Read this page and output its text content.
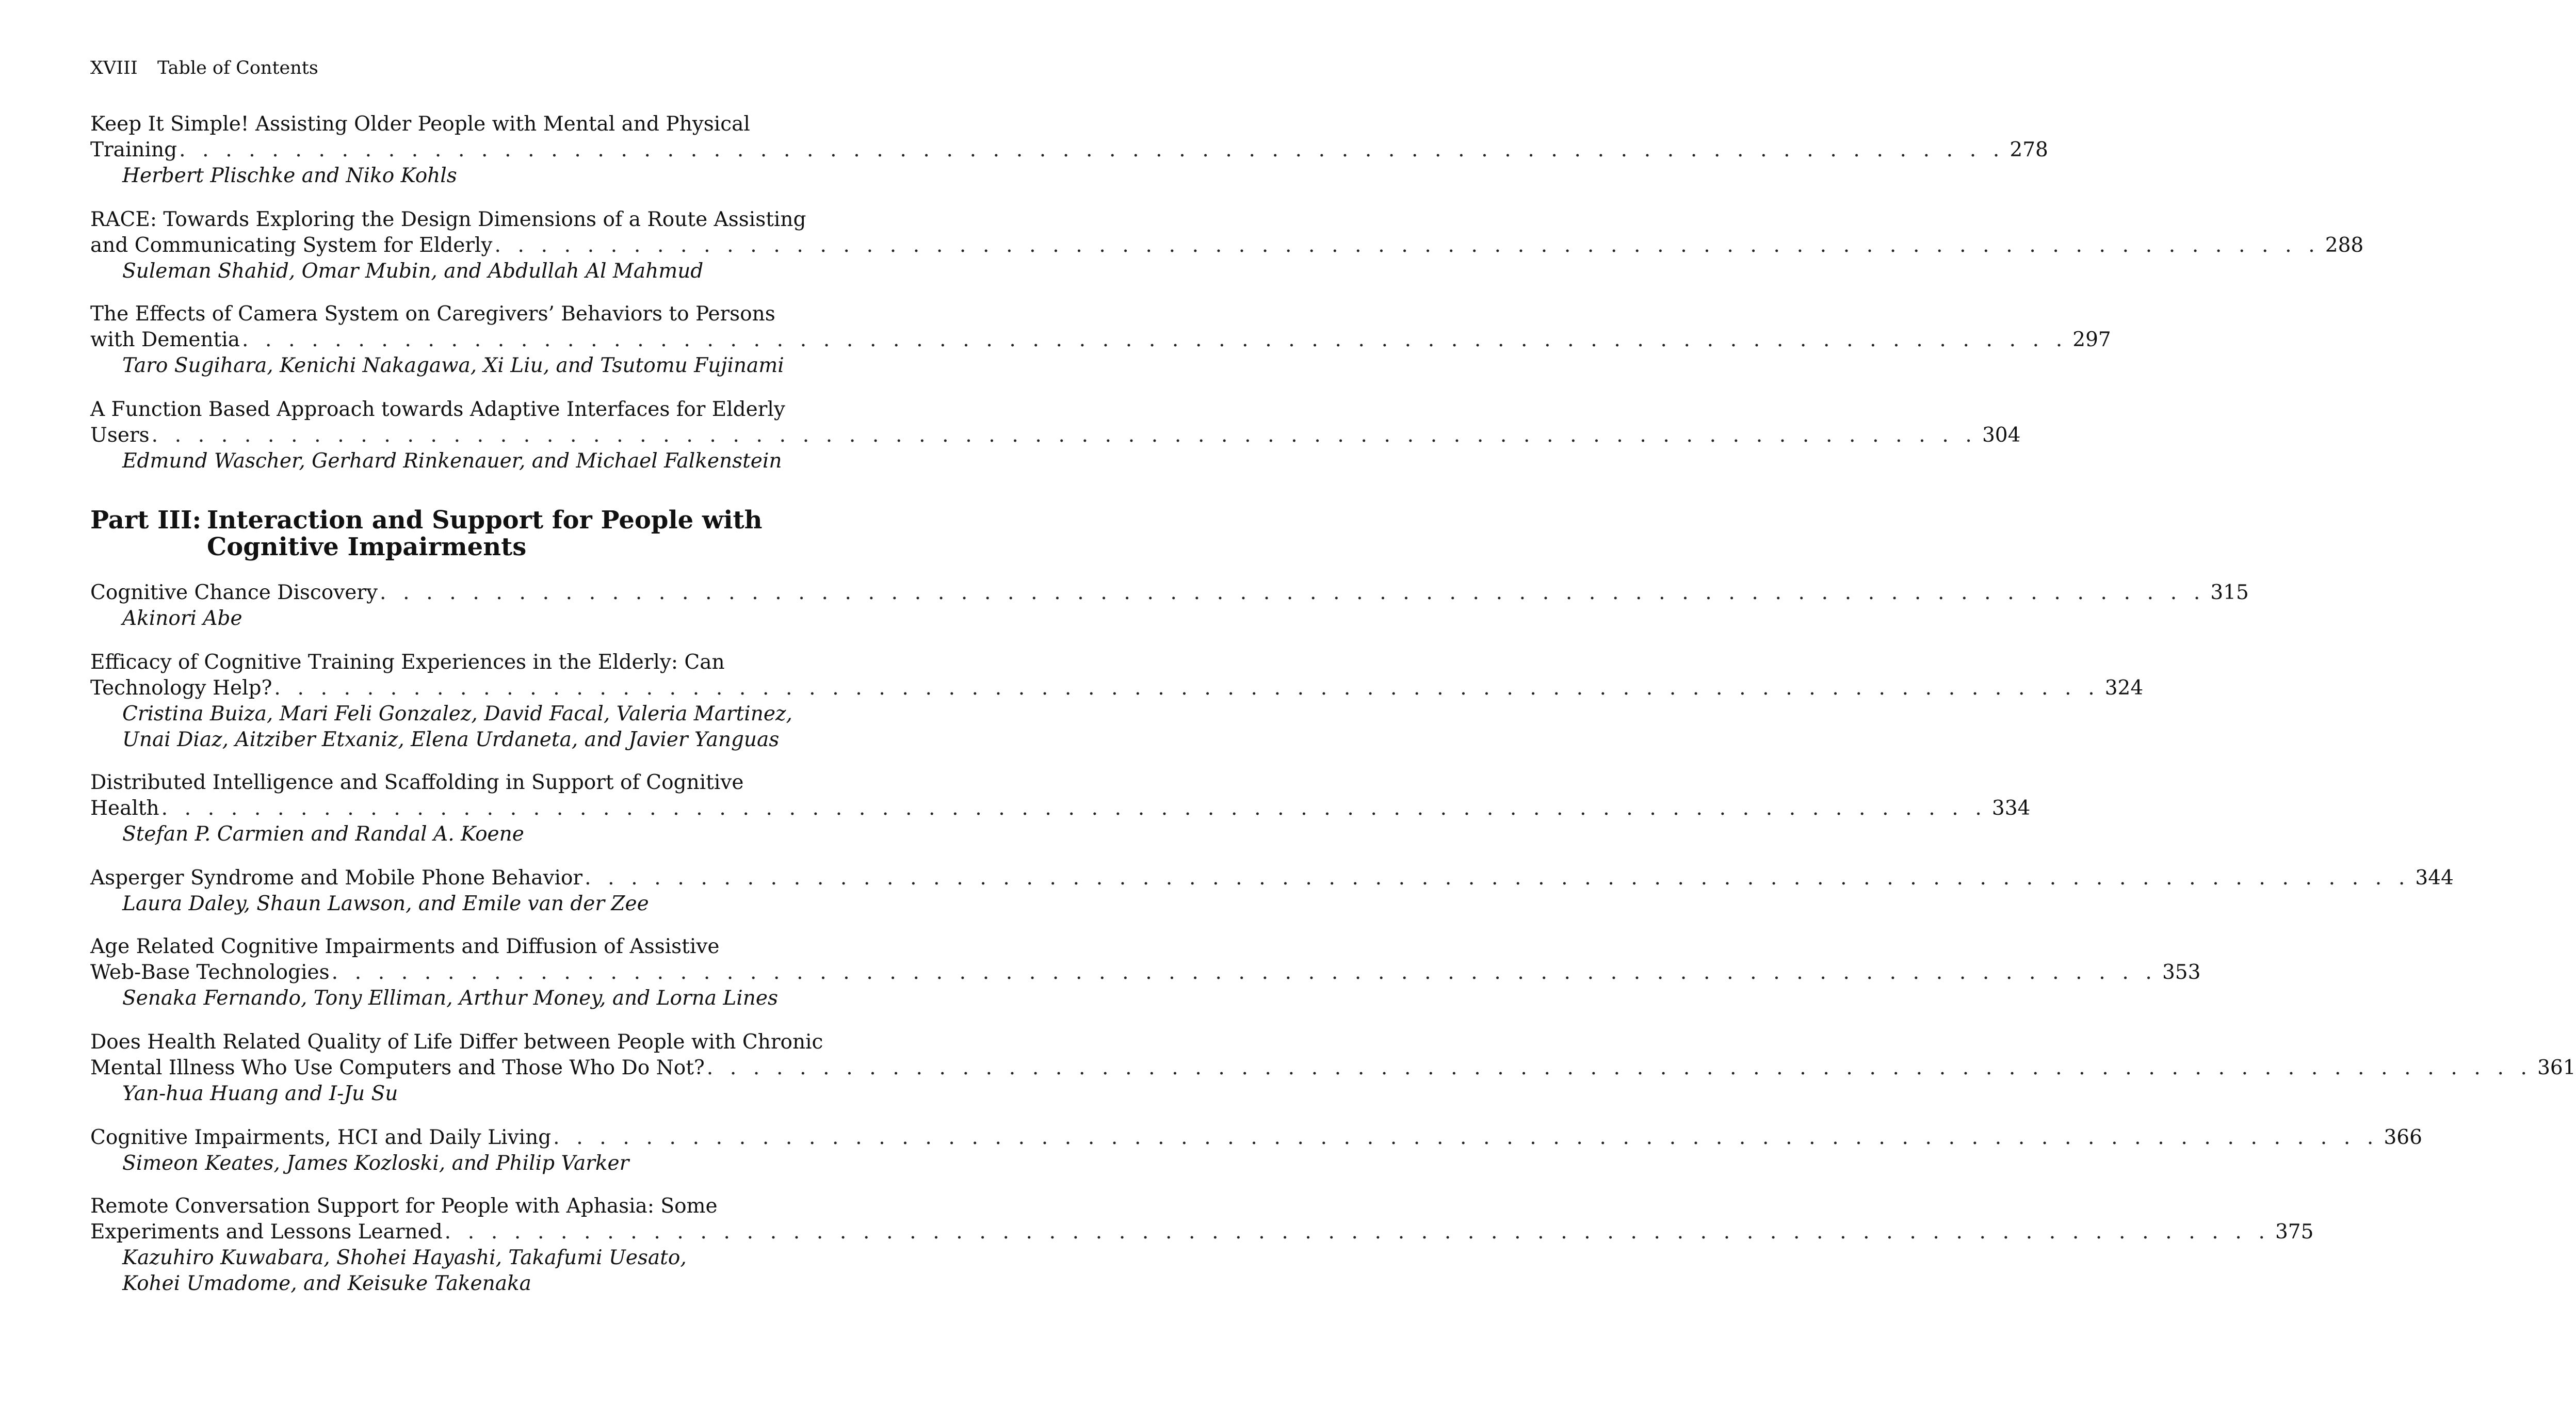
XVIII Table of Contents
Part III: Interaction and Support for People with
Cognitive Impairments
Keep It Simple! Assisting Older People with Mental and Physical
Training . . . . . . . . . . . . . . . . . . . . . . . . . . . . . . . . . . . . . . . . . . . . . . . . . . . . . . . . . . . . . . . . . . . . . . . . . . . . . . . 278
Herbert Plischke and Niko Kohls
RACE: Towards Exploring the Design Dimensions of a Route Assisting
and Communicating System for Elderly . . . . . . . . . . . . . . . . . . . . . . . . . . . . . . . . . . . . . . . . . . . . . . . . . . . . . . . . . . . . . . . . . . . . . . . . . . . . . . . 288
Suleman Shahid, Omar Mubin, and Abdullah Al Mahmud
The Effects of Camera System on Caregivers’ Behaviors to Persons
with Dementia . . . . . . . . . . . . . . . . . . . . . . . . . . . . . . . . . . . . . . . . . . . . . . . . . . . . . . . . . . . . . . . . . . . . . . . . . . . . . . . 297
Taro Sugihara, Kenichi Nakagawa, Xi Liu, and Tsutomu Fujinami
A Function Based Approach towards Adaptive Interfaces for Elderly
Users . . . . . . . . . . . . . . . . . . . . . . . . . . . . . . . . . . . . . . . . . . . . . . . . . . . . . . . . . . . . . . . . . . . . . . . . . . . . . . . 304
Edmund Wascher, Gerhard Rinkenauer, and Michael Falkenstein
Cognitive Chance Discovery . . . . . . . . . . . . . . . . . . . . . . . . . . . . . . . . . . . . . . . . . . . . . . . . . . . . . . . . . . . . . . . . . . . . . . . . . . . . . . . 315
Akinori Abe
Efficacy of Cognitive Training Experiences in the Elderly: Can
Technology Help? . . . . . . . . . . . . . . . . . . . . . . . . . . . . . . . . . . . . . . . . . . . . . . . . . . . . . . . . . . . . . . . . . . . . . . . . . . . . . . . 324
Cristina Buiza, Mari Feli Gonzalez, David Facal, Valeria Martinez,
Unai Diaz, Aitziber Etxaniz, Elena Urdaneta, and Javier Yanguas
Distributed Intelligence and Scaffolding in Support of Cognitive
Health . . . . . . . . . . . . . . . . . . . . . . . . . . . . . . . . . . . . . . . . . . . . . . . . . . . . . . . . . . . . . . . . . . . . . . . . . . . . . . . 334
Stefan P. Carmien and Randal A. Koene
Asperger Syndrome and Mobile Phone Behavior . . . . . . . . . . . . . . . . . . . . . . . . . . . . . . . . . . . . . . . . . . . . . . . . . . . . . . . . . . . . . . . . . . . . . . . . . . . . . . . 344
Laura Daley, Shaun Lawson, and Emile van der Zee
Age Related Cognitive Impairments and Diffusion of Assistive
Web-Base Technologies . . . . . . . . . . . . . . . . . . . . . . . . . . . . . . . . . . . . . . . . . . . . . . . . . . . . . . . . . . . . . . . . . . . . . . . . . . . . . . . 353
Senaka Fernando, Tony Elliman, Arthur Money, and Lorna Lines
Does Health Related Quality of Life Differ between People with Chronic
Mental Illness Who Use Computers and Those Who Do Not? . . . . . . . . . . . . . . . . . . . . . . . . . . . . . . . . . . . . . . . . . . . . . . . . . . . . . . . . . . . . . . . . . . . . . . . . . . . . . . . 361
Yan-hua Huang and I-Ju Su
Cognitive Impairments, HCI and Daily Living . . . . . . . . . . . . . . . . . . . . . . . . . . . . . . . . . . . . . . . . . . . . . . . . . . . . . . . . . . . . . . . . . . . . . . . . . . . . . . . 366
Simeon Keates, James Kozloski, and Philip Varker
Remote Conversation Support for People with Aphasia: Some
Experiments and Lessons Learned . . . . . . . . . . . . . . . . . . . . . . . . . . . . . . . . . . . . . . . . . . . . . . . . . . . . . . . . . . . . . . . . . . . . . . . . . . . . . . . 375
Kazuhiro Kuwabara, Shohei Hayashi, Takafumi Uesato,
Kohei Umadome, and Keisuke Takenaka
